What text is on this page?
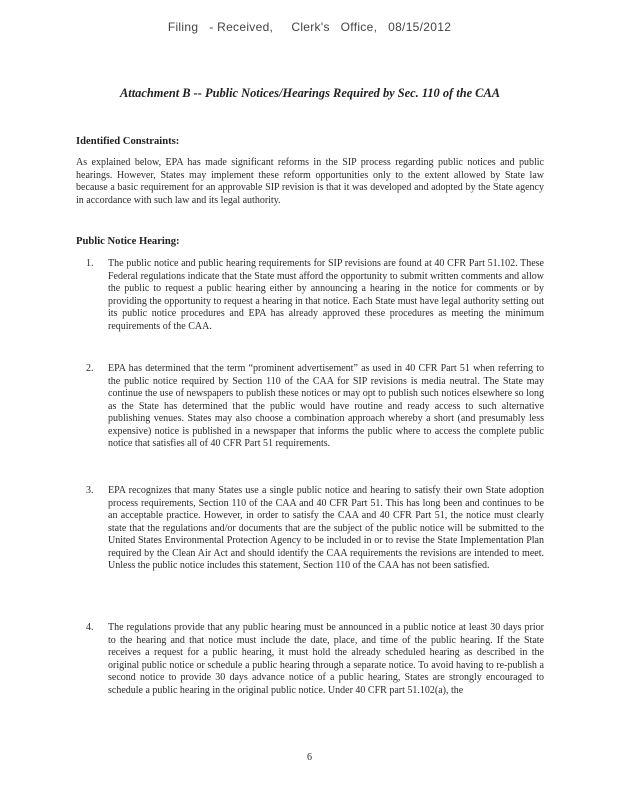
Filing   - Received,     Clerk's   Office,   08/15/2012
Attachment B -- Public Notices/Hearings Required by Sec. 110 of the CAA
Identified Constraints:
As explained below, EPA has made significant reforms in the SIP process regarding public notices and public hearings. However, States may implement these reform opportunities only to the extent allowed by State law because a basic requirement for an approvable SIP revision is that it was developed and adopted by the State agency in accordance with such law and its legal authority.
Public Notice Hearing:
1. The public notice and public hearing requirements for SIP revisions are found at 40 CFR Part 51.102. These Federal regulations indicate that the State must afford the opportunity to submit written comments and allow the public to request a public hearing either by announcing a hearing in the notice for comments or by providing the opportunity to request a hearing in that notice. Each State must have legal authority setting out its public notice procedures and EPA has already approved these procedures as meeting the minimum requirements of the CAA.
2. EPA has determined that the term “prominent advertisement” as used in 40 CFR Part 51 when referring to the public notice required by Section 110 of the CAA for SIP revisions is media neutral. The State may continue the use of newspapers to publish these notices or may opt to publish such notices elsewhere so long as the State has determined that the public would have routine and ready access to such alternative publishing venues. States may also choose a combination approach whereby a short (and presumably less expensive) notice is published in a newspaper that informs the public where to access the complete public notice that satisfies all of 40 CFR Part 51 requirements.
3. EPA recognizes that many States use a single public notice and hearing to satisfy their own State adoption process requirements, Section 110 of the CAA and 40 CFR Part 51. This has long been and continues to be an acceptable practice. However, in order to satisfy the CAA and 40 CFR Part 51, the notice must clearly state that the regulations and/or documents that are the subject of the public notice will be submitted to the United States Environmental Protection Agency to be included in or to revise the State Implementation Plan required by the Clean Air Act and should identify the CAA requirements the revisions are intended to meet. Unless the public notice includes this statement, Section 110 of the CAA has not been satisfied.
4. The regulations provide that any public hearing must be announced in a public notice at least 30 days prior to the hearing and that notice must include the date, place, and time of the public hearing. If the State receives a request for a public hearing, it must hold the already scheduled hearing as described in the original public notice or schedule a public hearing through a separate notice. To avoid having to re-publish a second notice to provide 30 days advance notice of a public hearing, States are strongly encouraged to schedule a public hearing in the original public notice. Under 40 CFR part 51.102(a), the
6
